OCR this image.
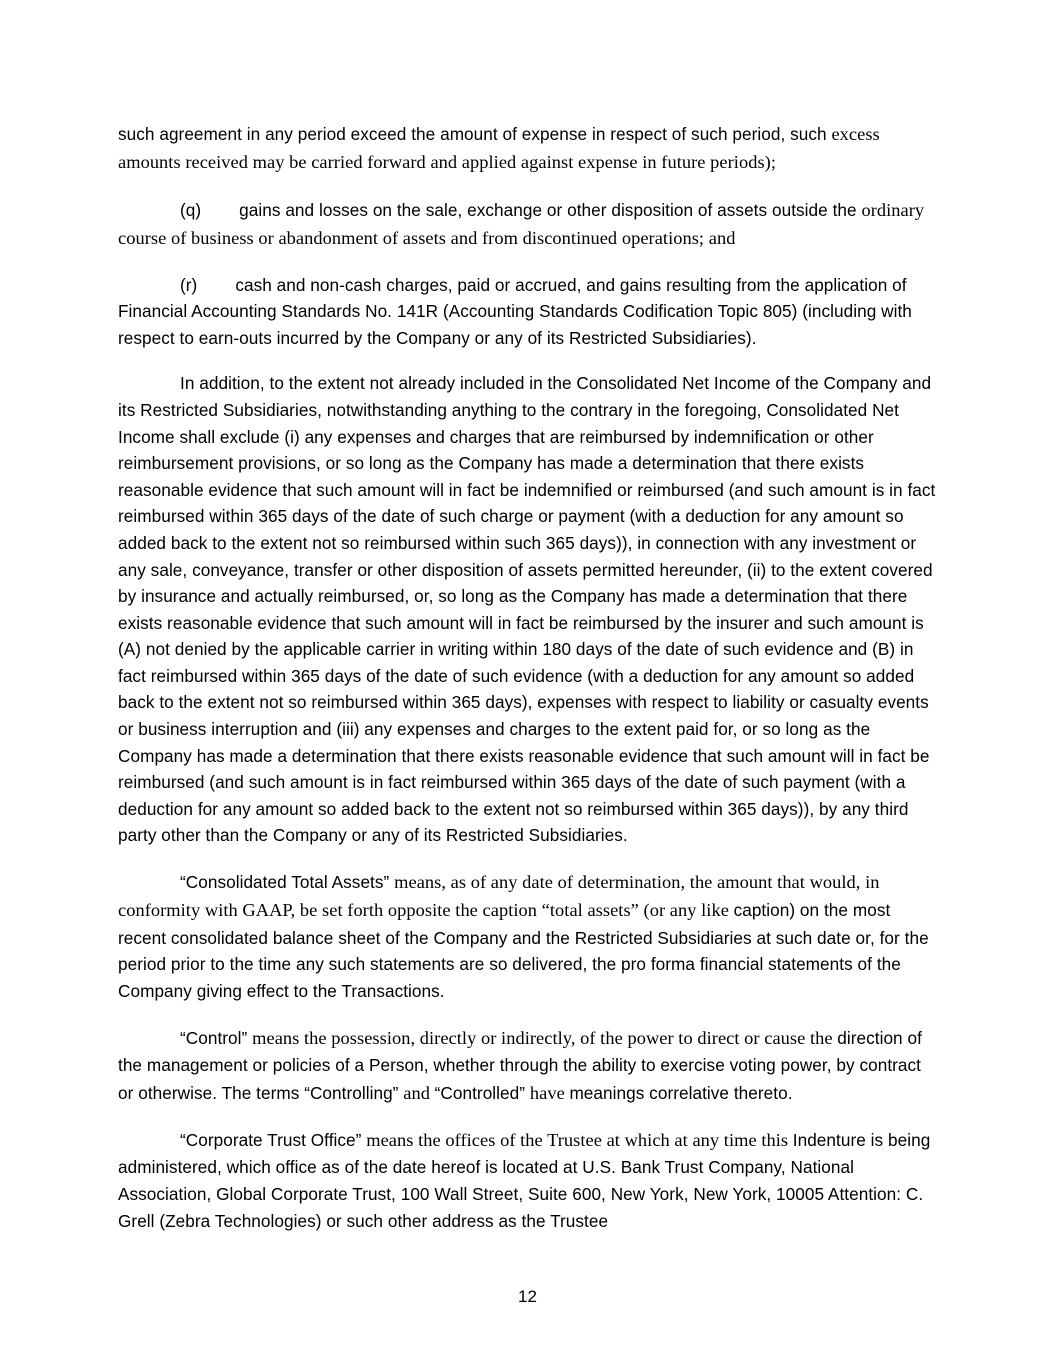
such agreement in any period exceed the amount of expense in respect of such period, such excess amounts received may be carried forward and applied against expense in future periods);
(q) gains and losses on the sale, exchange or other disposition of assets outside the ordinary course of business or abandonment of assets and from discontinued operations; and
(r) cash and non-cash charges, paid or accrued, and gains resulting from the application of Financial Accounting Standards No. 141R (Accounting Standards Codification Topic 805) (including with respect to earn-outs incurred by the Company or any of its Restricted Subsidiaries).
In addition, to the extent not already included in the Consolidated Net Income of the Company and its Restricted Subsidiaries, notwithstanding anything to the contrary in the foregoing, Consolidated Net Income shall exclude (i) any expenses and charges that are reimbursed by indemnification or other reimbursement provisions, or so long as the Company has made a determination that there exists reasonable evidence that such amount will in fact be indemnified or reimbursed (and such amount is in fact reimbursed within 365 days of the date of such charge or payment (with a deduction for any amount so added back to the extent not so reimbursed within such 365 days)), in connection with any investment or any sale, conveyance, transfer or other disposition of assets permitted hereunder, (ii) to the extent covered by insurance and actually reimbursed, or, so long as the Company has made a determination that there exists reasonable evidence that such amount will in fact be reimbursed by the insurer and such amount is (A) not denied by the applicable carrier in writing within 180 days of the date of such evidence and (B) in fact reimbursed within 365 days of the date of such evidence (with a deduction for any amount so added back to the extent not so reimbursed within 365 days), expenses with respect to liability or casualty events or business interruption and (iii) any expenses and charges to the extent paid for, or so long as the Company has made a determination that there exists reasonable evidence that such amount will in fact be reimbursed (and such amount is in fact reimbursed within 365 days of the date of such payment (with a deduction for any amount so added back to the extent not so reimbursed within 365 days)), by any third party other than the Company or any of its Restricted Subsidiaries.
“Consolidated Total Assets” means, as of any date of determination, the amount that would, in conformity with GAAP, be set forth opposite the caption “total assets” (or any like caption) on the most recent consolidated balance sheet of the Company and the Restricted Subsidiaries at such date or, for the period prior to the time any such statements are so delivered, the pro forma financial statements of the Company giving effect to the Transactions.
“Control” means the possession, directly or indirectly, of the power to direct or cause the direction of the management or policies of a Person, whether through the ability to exercise voting power, by contract or otherwise. The terms “Controlling” and “Controlled” have meanings correlative thereto.
“Corporate Trust Office” means the offices of the Trustee at which at any time this Indenture is being administered, which office as of the date hereof is located at U.S. Bank Trust Company, National Association, Global Corporate Trust, 100 Wall Street, Suite 600, New York, New York, 10005 Attention: C. Grell (Zebra Technologies) or such other address as the Trustee
12
